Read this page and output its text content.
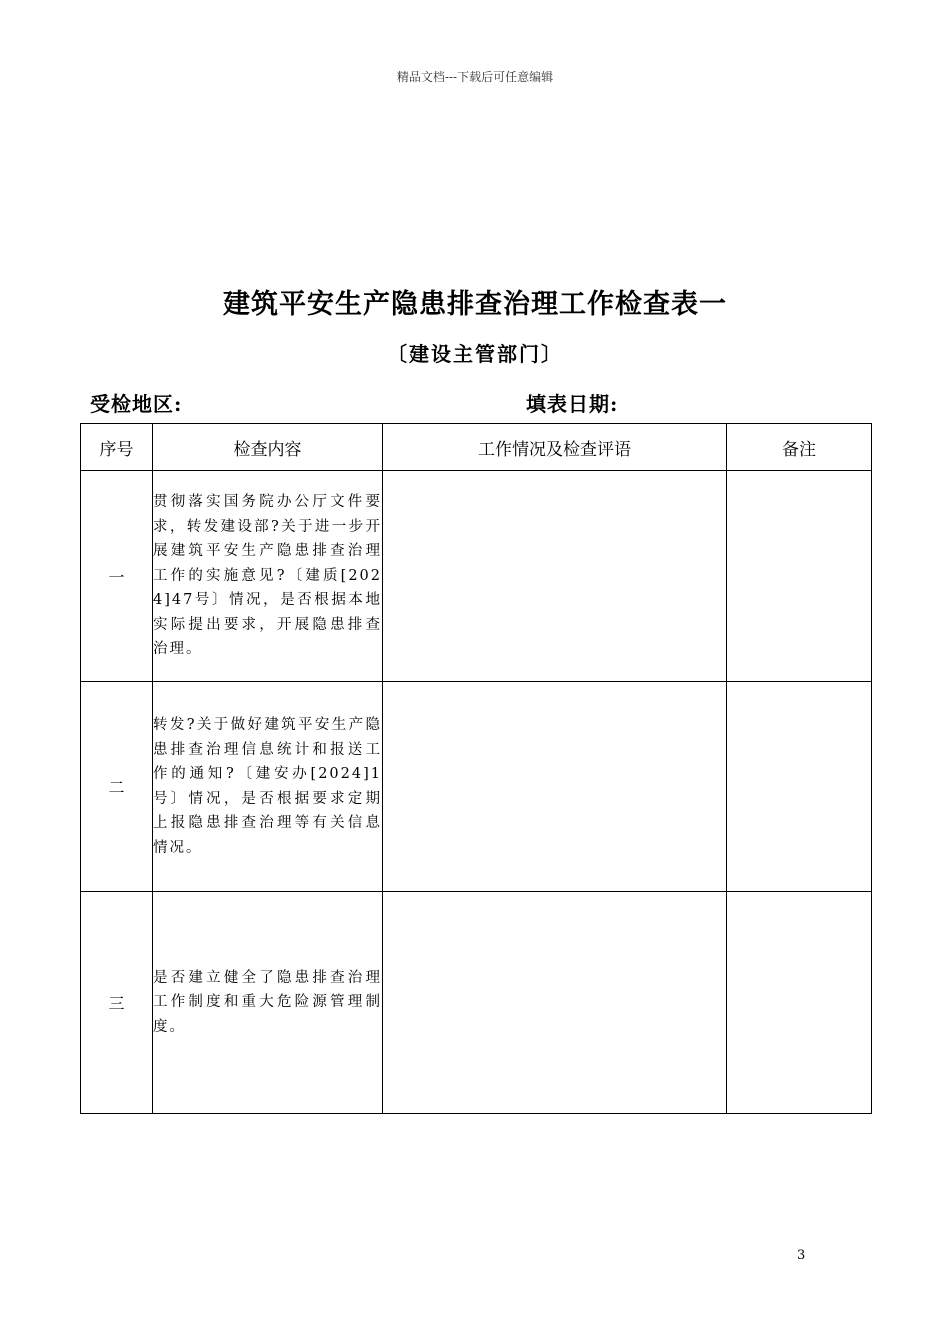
精品文档---下载后可任意编辑
建筑平安生产隐患排查治理工作检查表一
〔建设主管部门〕
受检地区:	填表日期:
序号	检查内容	工作情况及检查评语	备注
一	贯彻落实国务院办公厅文件要求，转发建设部?关于进一步开展建筑平安生产隐患排查治理工作的实施意见?〔建质[2024]47号〕情况，是否根据本地实际提出要求，开展隐患排查治理。		
二	转发?关于做好建筑平安生产隐患排查治理信息统计和报送工作的通知?〔建安办[2024]1号〕情况，是否根据要求定期上报隐患排查治理等有关信息情况。		
三	是否建立健全了隐患排查治理工作制度和重大危险源管理制度。		
3
